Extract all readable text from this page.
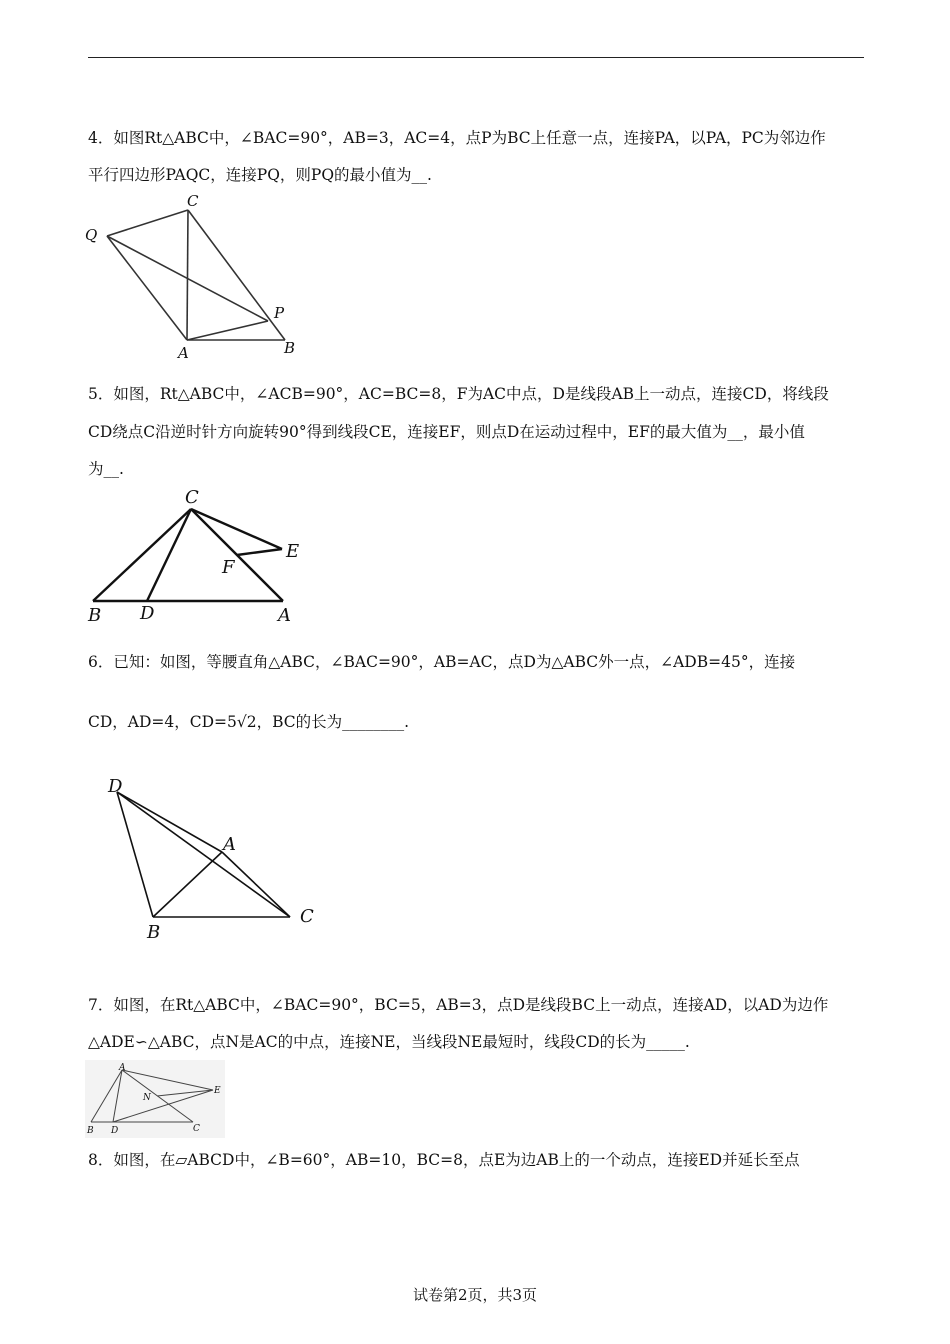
4．如图Rt△ABC中，∠BAC=90°，AB=3，AC=4，点P为BC上任意一点，连接PA，以PA，PC为邻边作
平行四边形PAQC，连接PQ，则PQ的最小值为__.
C
Q
P
A	B
5．如图，Rt△ABC中，∠ACB=90°，AC=BC=8，F为AC中点，D是线段AB上一动点，连接CD，将线段
CD绕点C沿逆时针方向旋转90°得到线段CE，连接EF，则点D在运动过程中，EF的最大值为__，最小值
为__.
C
E
F
B D	A
6．已知：如图，等腰直角△ABC，∠BAC=90°，AB=AC，点D为△ABC外一点，∠ADB=45°，连接
CD，AD=4，CD=5√2，BC的长为________.
D
A
B
C
7．如图，在Rt△ABC中，∠BAC=90°，BC=5，AB=3，点D是线段BC上一动点，连接AD，以AD为边作
△ADE∽△ABC，点N是AC的中点，连接NE，当线段NE最短时，线段CD的长为_____.
A
E
N
B D	C
8．如图，在▱ABCD中，∠B=60°，AB=10，BC=8，点E为边AB上的一个动点，连接ED并延长至点
试卷第2页，共3页
